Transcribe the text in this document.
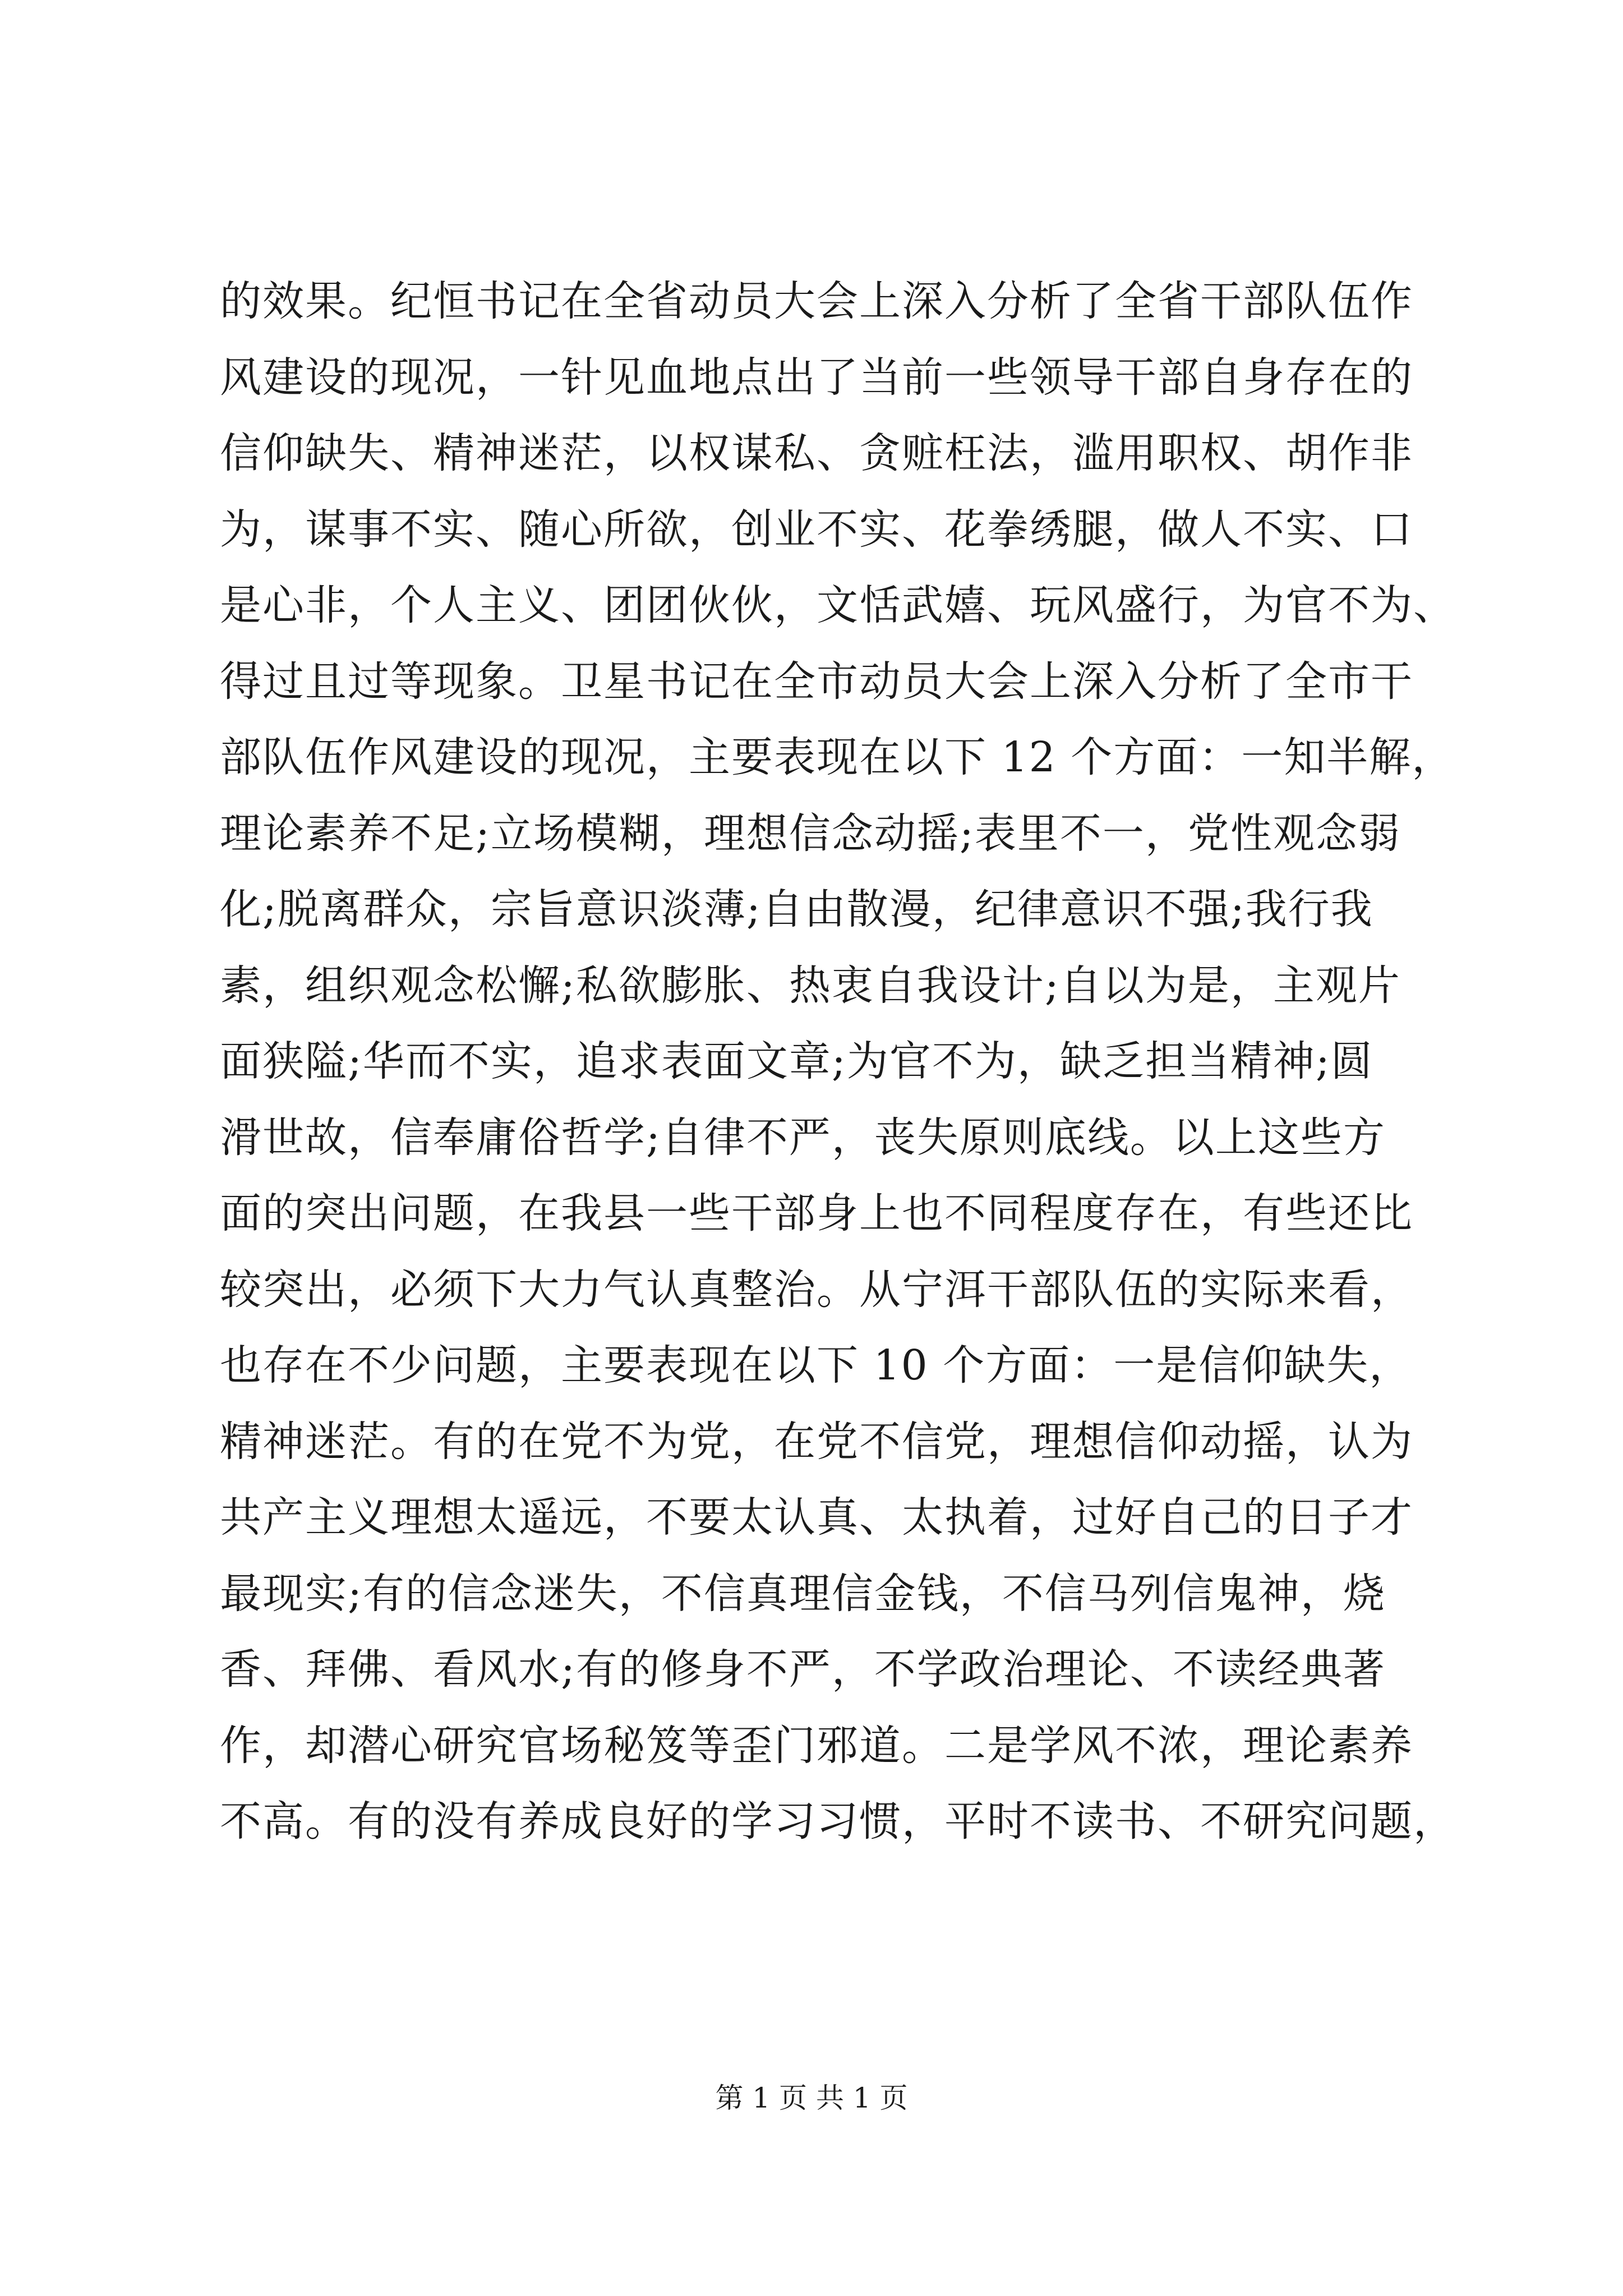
的效果。纪恒书记在全省动员大会上深入分析了全省干部队伍作
风建设的现况，一针见血地点出了当前一些领导干部自身存在的
信仰缺失、精神迷茫，以权谋私、贪赃枉法，滥用职权、胡作非
为，谋事不实、随心所欲，创业不实、花拳绣腿，做人不实、口
是心非，个人主义、团团伙伙，文恬武嬉、玩风盛行，为官不为、
得过且过等现象。卫星书记在全市动员大会上深入分析了全市干
部队伍作风建设的现况，主要表现在以下 12 个方面：一知半解，
理论素养不足;立场模糊，理想信念动摇;表里不一，党性观念弱
化;脱离群众，宗旨意识淡薄;自由散漫，纪律意识不强;我行我
素，组织观念松懈;私欲膨胀、热衷自我设计;自以为是，主观片
面狭隘;华而不实，追求表面文章;为官不为，缺乏担当精神;圆
滑世故，信奉庸俗哲学;自律不严，丧失原则底线。以上这些方
面的突出问题，在我县一些干部身上也不同程度存在，有些还比
较突出，必须下大力气认真整治。从宁洱干部队伍的实际来看，
也存在不少问题，主要表现在以下 10 个方面：一是信仰缺失，
精神迷茫。有的在党不为党，在党不信党，理想信仰动摇，认为
共产主义理想太遥远，不要太认真、太执着，过好自己的日子才
最现实;有的信念迷失，不信真理信金钱，不信马列信鬼神，烧
香、拜佛、看风水;有的修身不严，不学政治理论、不读经典著
作，却潜心研究官场秘笈等歪门邪道。二是学风不浓，理论素养
不高。有的没有养成良好的学习习惯，平时不读书、不研究问题，
第 1 页 共 1 页
